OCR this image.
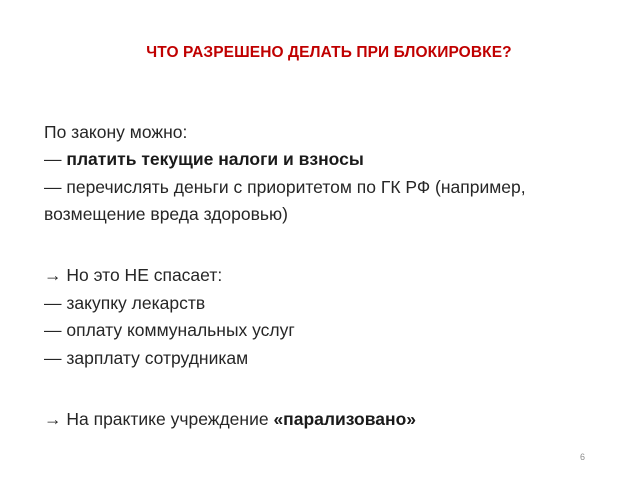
ЧТО РАЗРЕШЕНО ДЕЛАТЬ ПРИ БЛОКИРОВКЕ?
По закону можно:
— платить текущие налоги и взносы
— перечислять деньги с приоритетом по ГК РФ (например,
возмещение вреда здоровью)
→ Но это НЕ спасает:
— закупку лекарств
— оплату коммунальных услуг
— зарплату сотрудникам
→ На практике учреждение «парализовано»
6
